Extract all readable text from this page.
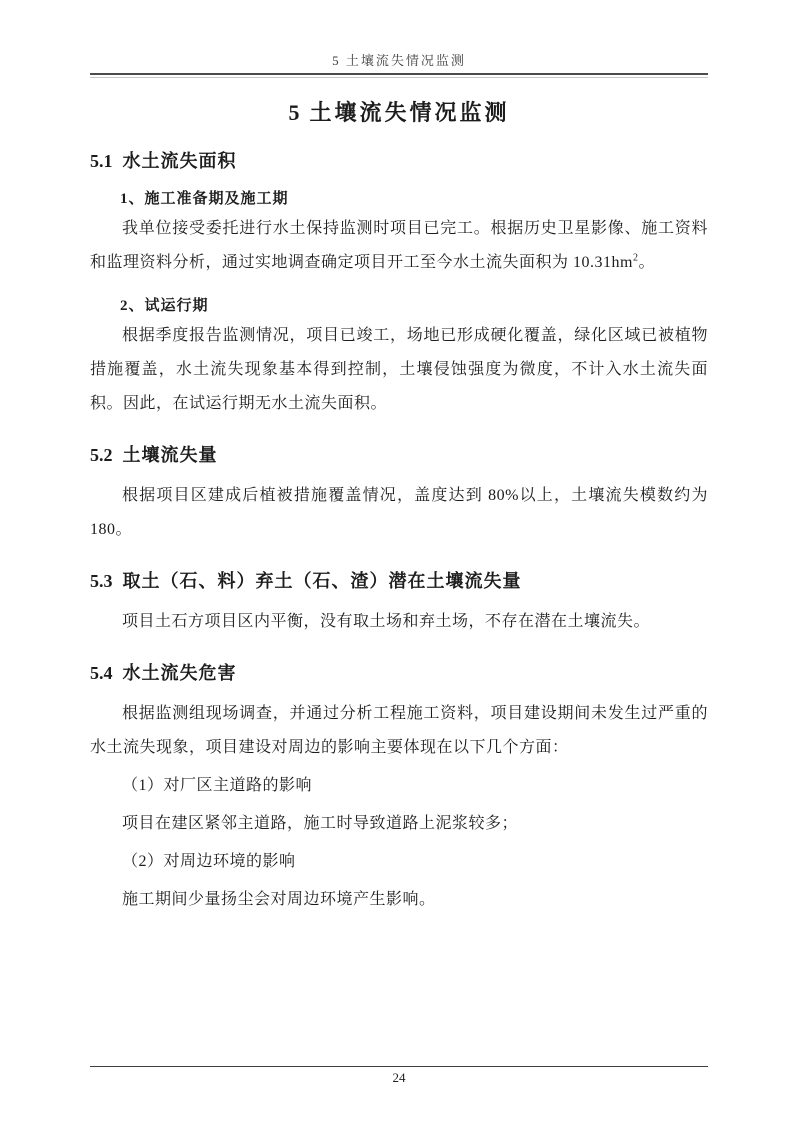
5 土壤流失情况监测
5 土壤流失情况监测
5.1 水土流失面积
1、施工准备期及施工期

我单位接受委托进行水土保持监测时项目已完工。根据历史卫星影像、施工资料和监理资料分析，通过实地调查确定项目开工至今水土流失面积为 $10.31hm^2$。

2、试运行期

根据季度报告监测情况，项目已竣工，场地已形成硬化覆盖，绿化区域已被植物措施覆盖，水土流失现象基本得到控制，土壤侵蚀强度为微度，不计入水土流失面积。因此，在试运行期无水土流失面积。

5.2 土壤流失量

根据项目区建成后植被措施覆盖情况，盖度达到 80%以上，土壤流失模数约为 180。

5.3 取土（石、料）弃土（石、渣）潜在土壤流失量

项目土石方项目区内平衡，没有取土场和弃土场，不存在潜在土壤流失。

5.4 水土流失危害

根据监测组现场调查，并通过分析工程施工资料，项目建设期间未发生过严重的水土流失现象，项目建设对周边的影响主要体现在以下几个方面：

（1）对厂区主道路的影响

项目在建区紧邻主道路，施工时导致道路上泥浆较多；

（2）对周边环境的影响

施工期间少量扬尘会对周边环境产生影响。

24
